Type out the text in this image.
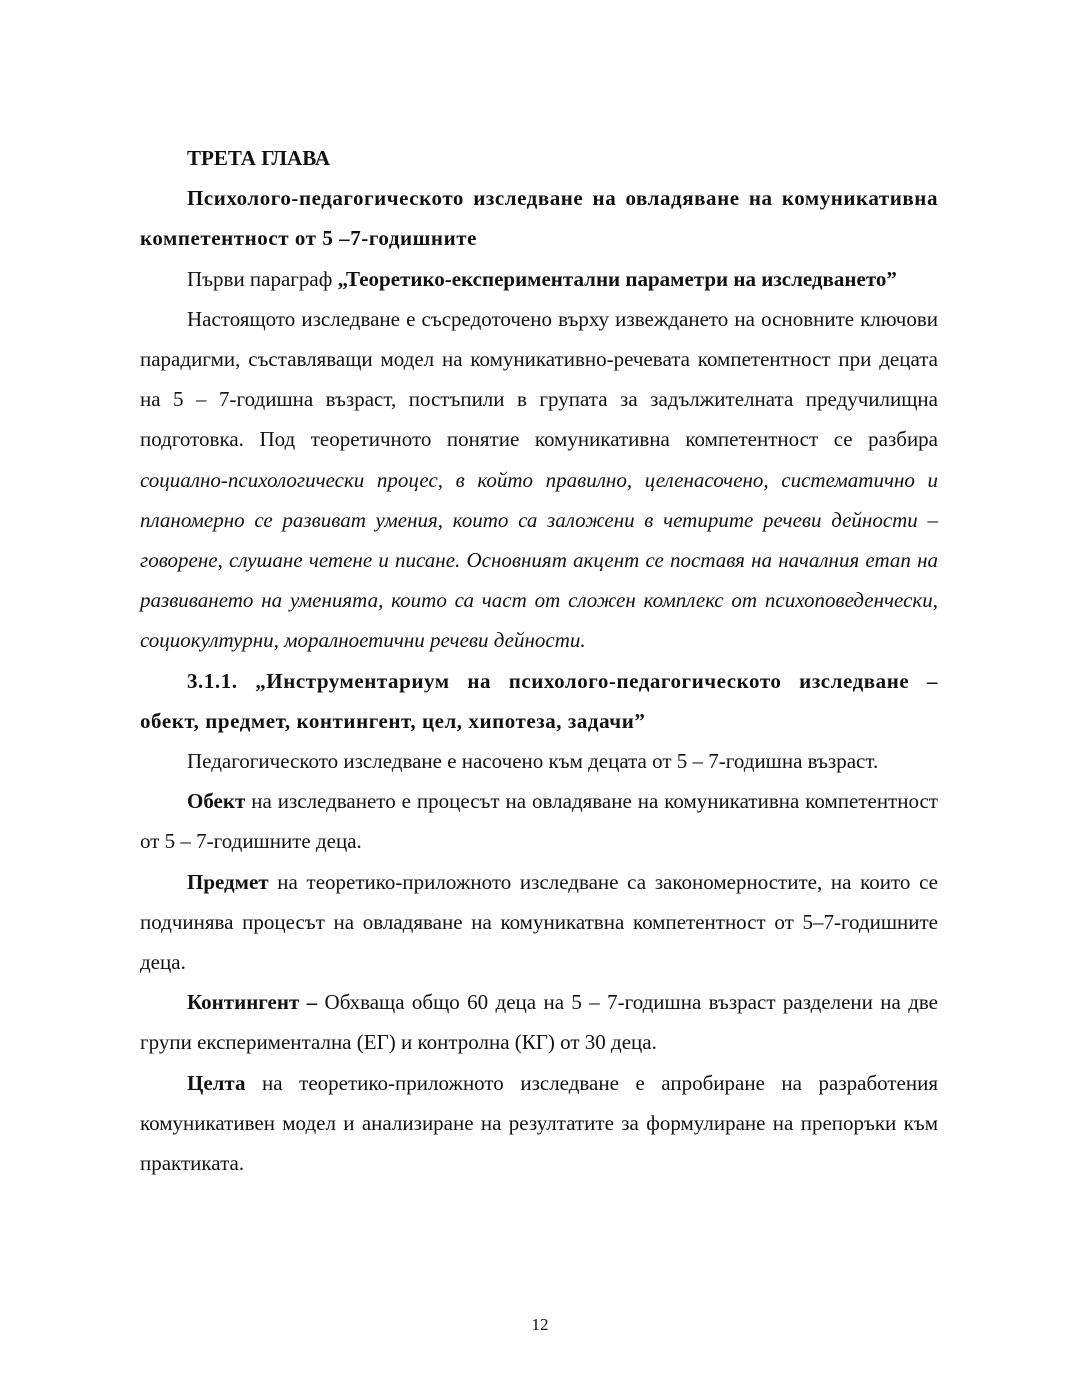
ТРЕТА ГЛАВА

Психолого-педагогическото изследване на овладяване на комуникативна компетентност от 5 –7-годишните

Първи параграф „Теоретико-експериментални параметри на изследването”

Настоящото изследване е съсредоточено върху извеждането на основните ключови парадигми, съставляващи модел на комуникативно-речевата компетентност при децата на 5 – 7-годишна възраст, постъпили в групата за задължителната предучилищна подготовка. Под теоретичното понятие комуникативна компетентност се разбира социално-психологически процес, в който правилно, целенасочено, систематично и планомерно се развиват умения, които са заложени в четирите речеви дейности – говорене, слушане четене и писане. Основният акцент се поставя на началния етап на развиването на уменията, които са част от сложен комплекс от психоповеденчески, социокултурни, моралноетични речеви дейности.

3.1.1. „Инструментариум на психолого-педагогическото изследване – обект, предмет, контингент, цел, хипотеза, задачи”

Педагогическото изследване е насочено към децата от 5 – 7-годишна възраст.

Обект на изследването е процесът на овладяване на комуникативна компетентност от 5 – 7-годишните деца.

Предмет на теоретико-приложното изследване са закономерностите, на които се подчинява процесът на овладяване на комуникатвна компетентност от 5–7-годишните деца.

Контингент – Обхваща общо 60 деца на 5 – 7-годишна възраст разделени на две групи експериментална (ЕГ) и контролна (КГ) от 30 деца.

Целта на теоретико-приложното изследване е апробиране на разработения комуникативен модел и анализиране на резултатите за формулиране на препоръки към практиката.

12
